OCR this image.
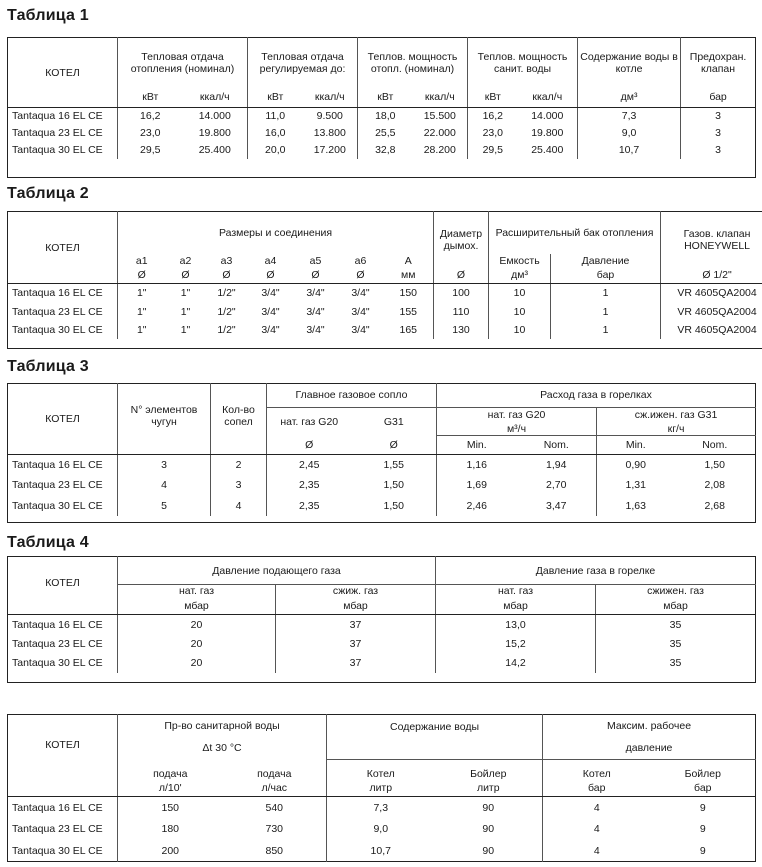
Таблица 1
КОТЕЛ	Тепловая отдача отопления (номинал)		Тепловая отдача регулируемая до:		Теплов. мощность отопл. (номинал)		Теплов. мощность санит. воды		Содержание воды в котле	Предохран. клапан
	кВт	ккал/ч	кВт	ккал/ч	кВт	ккал/ч	кВт	ккал/ч	дм³	бар
Tantaqua 16 EL CE	16,2	14.000	11,0	9.500	18,0	15.500	16,2	14.000	7,3	3
Tantaqua 23 EL CE	23,0	19.800	16,0	13.800	25,5	22.000	23,0	19.800	9,0	3
Tantaqua 30 EL CE	29,5	25.400	20,0	17.200	32,8	28.200	29,5	25.400	10,7	3

Таблица 2
КОТЕЛ	Размеры и соединения							Диаметр дымох.	Расширительный бак отопления		Газов. клапан HONEYWELL
	a1	a2	a3	a4	a5	a6	A		Емкость	Давление	
	Ø	Ø	Ø	Ø	Ø	Ø	мм	Ø	дм³	бар	Ø 1/2"
Tantaqua 16 EL CE	1"	1"	1/2"	3/4"	3/4"	3/4"	150	100	10	1	VR 4605QA2004
Tantaqua 23 EL CE	1"	1"	1/2"	3/4"	3/4"	3/4"	155	110	10	1	VR 4605QA2004
Tantaqua 30 EL CE	1"	1"	1/2"	3/4"	3/4"	3/4"	165	130	10	1	VR 4605QA2004

Таблица 3
КОТЕЛ	N° элементов чугун	Кол-во сопел	Главное газовое сопло		Расход газа в горелках			
			нат. газ G20	G31	нат. газ G20		сж.ижен. газ G31	
					м³/ч		кг/ч	
			Ø	Ø	Min.	Nom.	Min.	Nom.
Tantaqua 16 EL CE	3	2	2,45	1,55	1,16	1,94	0,90	1,50
Tantaqua 23 EL CE	4	3	2,35	1,50	1,69	2,70	1,31	2,08
Tantaqua 30 EL CE	5	4	2,35	1,50	2,46	3,47	1,63	2,68

Таблица 4
КОТЕЛ	Давление подающего газа		Давление газа в горелке	
	нат. газ	сжиж. газ	нат. газ	сжижен. газ
	мбар	мбар	мбар	мбар
Tantaqua 16 EL CE	20	37	13,0	35
Tantaqua 23 EL CE	20	37	15,2	35
Tantaqua 30 EL CE	20	37	14,2	35

КОТЕЛ	Пр-во санитарной воды		Содержание воды		Максим. рабочее	
	Δt 30 °C				давление	
	подача	подача	Котел	Бойлер	Котел	Бойлер
	л/10'	л/час	литр	литр	бар	бар
Tantaqua 16 EL CE	150	540	7,3	90	4	9
Tantaqua 23 EL CE	180	730	9,0	90	4	9
Tantaqua 30 EL CE	200	850	10,7	90	4	9
